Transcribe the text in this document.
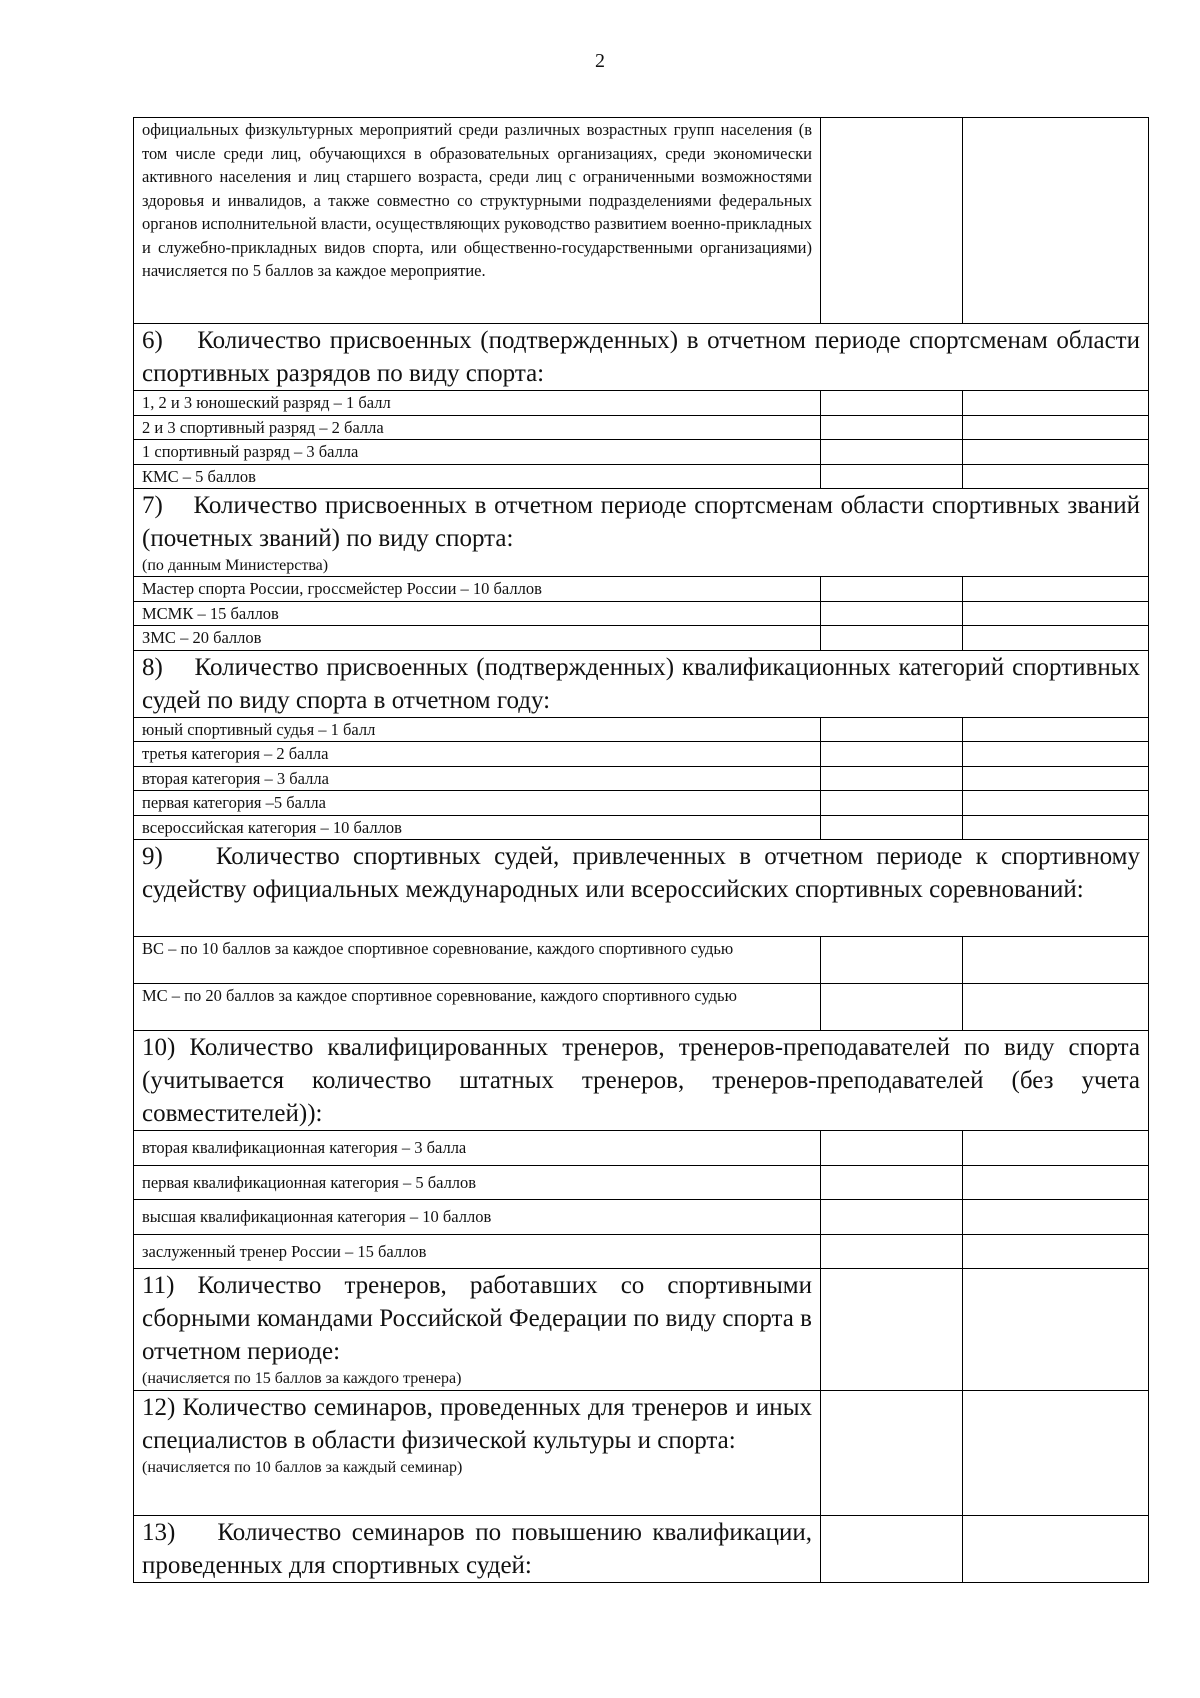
2
официальных физкультурных мероприятий среди различных возрастных групп населения (в том числе среди лиц, обучающихся в образовательных организациях, среди экономически активного населения и лиц старшего возраста, среди лиц с ограниченными возможностями здоровья и инвалидов, а также совместно со структурными подразделениями федеральных органов исполнительной власти, осуществляющих руководство развитием военно-прикладных и служебно-прикладных видов спорта, или общественно-государственными организациями) начисляется по 5 баллов за каждое мероприятие.		

6)    Количество присвоенных (подтвержденных) в отчетном периоде спортсменам области спортивных разрядов по виду спорта:		

1, 2 и 3 юношеский разряд – 1 балл		
2 и 3 спортивный разряд – 2 балла		
1 спортивный разряд – 3 балла		
КМС – 5 баллов		

7)    Количество присвоенных в отчетном периоде спортсменам области спортивных званий (почетных званий) по виду спорта:
(по данным Министерства)		

Мастер спорта России, гроссмейстер России – 10 баллов		
МСМК – 15 баллов		
ЗМС – 20 баллов		

8)    Количество присвоенных (подтвержденных) квалификационных категорий спортивных судей по виду спорта в отчетном году:		

юный спортивный судья – 1 балл		
третья категория – 2 балла		
вторая категория – 3 балла		
первая категория –5 балла		
всероссийская категория – 10 баллов		

9)    Количество спортивных судей, привлеченных в отчетном периоде к спортивному судейству официальных международных или всероссийских спортивных соревнований:		

ВС – по 10 баллов за каждое спортивное соревнование, каждого спортивного судью		
МС – по 20 баллов за каждое спортивное соревнование, каждого спортивного судью		

10) Количество квалифицированных тренеров, тренеров-преподавателей по виду спорта (учитывается количество штатных тренеров, тренеров-преподавателей (без учета совместителей)):		

вторая квалификационная категория – 3 балла		
первая квалификационная категория – 5 баллов		
высшая квалификационная категория – 10 баллов		
заслуженный тренер России – 15 баллов		

11) Количество тренеров, работавших со спортивными сборными командами Российской Федерации по виду спорта в отчетном периоде:
(начисляется по 15 баллов за каждого тренера)		

12) Количество семинаров, проведенных для тренеров и иных специалистов в области физической культуры и спорта:
(начисляется по 10 баллов за каждый семинар)		

13)    Количество семинаров по повышению квалификации, проведенных для спортивных судей:		
